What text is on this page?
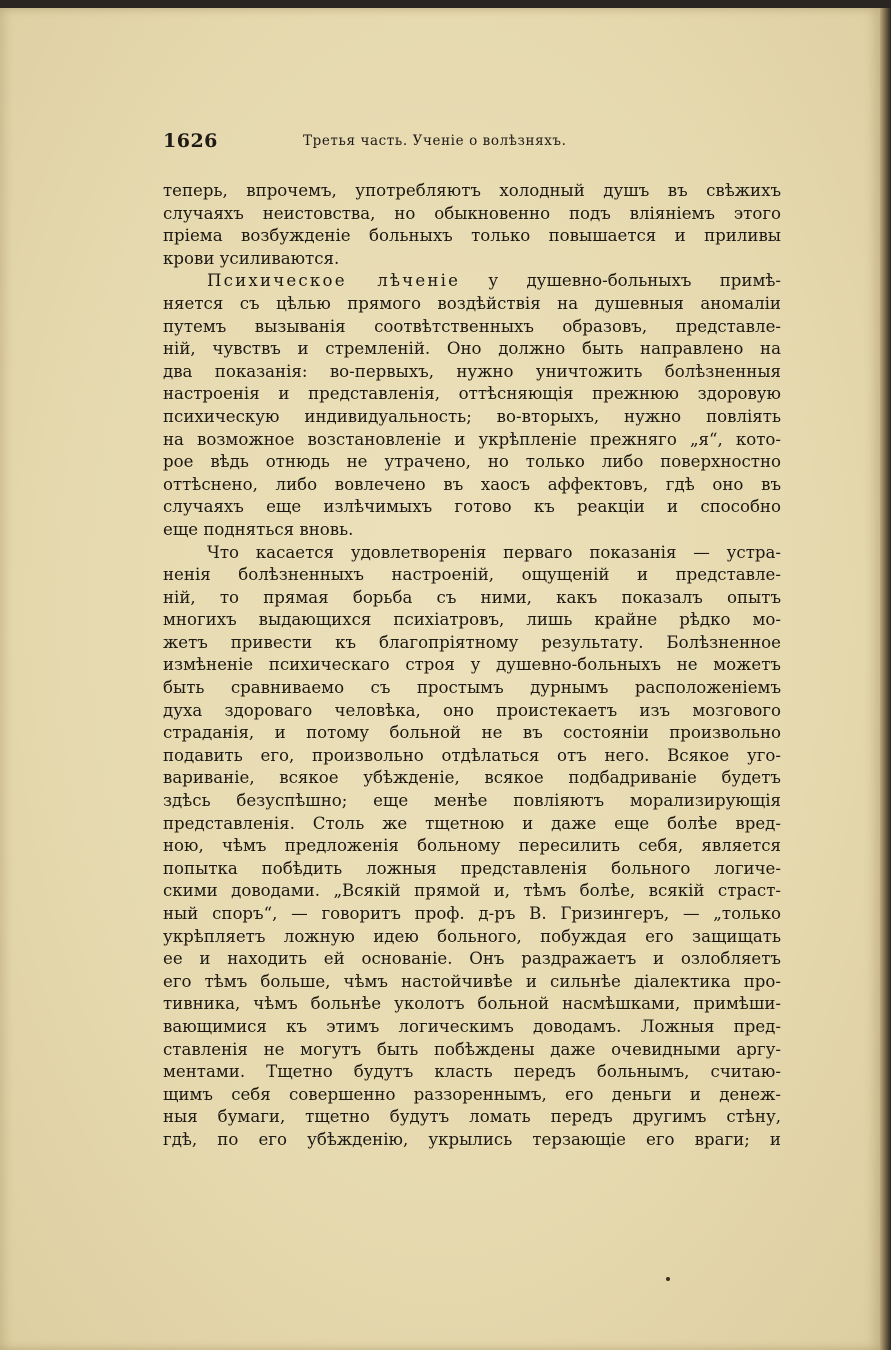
1626	Третья часть. Ученіе о волѣзняхъ.
теперь, впрочемъ, употребляютъ холодный душъ въ свѣжихъ
случаяхъ неистовства, но обыкновенно подъ вліяніемъ этого
пріема возбужденіе больныхъ только повышается и приливы
крови усиливаются.
Психическое лѣченіе у душевно-больныхъ примѣ-
няется съ цѣлью прямого воздѣйствія на душевныя аномаліи
путемъ вызыванія соотвѣтственныхъ образовъ, представле-
ній, чувствъ и стремленій. Оно должно быть направлено на
два показанія: во-первыхъ, нужно уничтожить болѣзненныя
настроенія и представленія, оттѣсняющія прежнюю здоровую
психическую индивидуальность; во-вторыхъ, нужно повліять
на возможное возстановленіе и укрѣпленіе прежняго „я“, кото-
рое вѣдь отнюдь не утрачено, но только либо поверхностно
оттѣснено, либо вовлечено въ хаосъ аффектовъ, гдѣ оно въ
случаяхъ еще излѣчимыхъ готово къ реакціи и способно
еще подняться вновь.
Что касается удовлетворенія перваго показанія — устра-
ненія болѣзненныхъ настроеній, ощущеній и представле-
ній, то прямая борьба съ ними, какъ показалъ опытъ
многихъ выдающихся психіатровъ, лишь крайне рѣдко мо-
жетъ привести къ благопріятному результату. Болѣзненное
измѣненіе психическаго строя у душевно-больныхъ не можетъ
быть сравниваемо съ простымъ дурнымъ расположеніемъ
духа здороваго человѣка, оно проистекаетъ изъ мозгового
страданія, и потому больной не въ состояніи произвольно
подавить его, произвольно отдѣлаться отъ него. Всякое уго-
вариваніе, всякое убѣжденіе, всякое подбадриваніе будетъ
здѣсь безуспѣшно; еще менѣе повліяютъ морализирующія
представленія. Столь же тщетною и даже еще болѣе вред-
ною, чѣмъ предложенія больному пересилить себя, является
попытка побѣдить ложныя представленія больного логиче-
скими доводами. „Всякій прямой и, тѣмъ болѣе, всякій страст-
ный споръ“, — говоритъ проф. д-ръ В. Гризингеръ, — „только
укрѣпляетъ ложную идею больного, побуждая его защищать
ее и находить ей основаніе. Онъ раздражаетъ и озлобляетъ
его тѣмъ больше, чѣмъ настойчивѣе и сильнѣе діалектика про-
тивника, чѣмъ больнѣе уколотъ больной насмѣшками, примѣши-
вающимися къ этимъ логическимъ доводамъ. Ложныя пред-
ставленія не могутъ быть побѣждены даже очевидными аргу-
ментами. Тщетно будутъ класть передъ больнымъ, считаю-
щимъ себя совершенно раззореннымъ, его деньги и денеж-
ныя бумаги, тщетно будутъ ломать передъ другимъ стѣну,
гдѣ, по его убѣжденію, укрылись терзающіе его враги; и
